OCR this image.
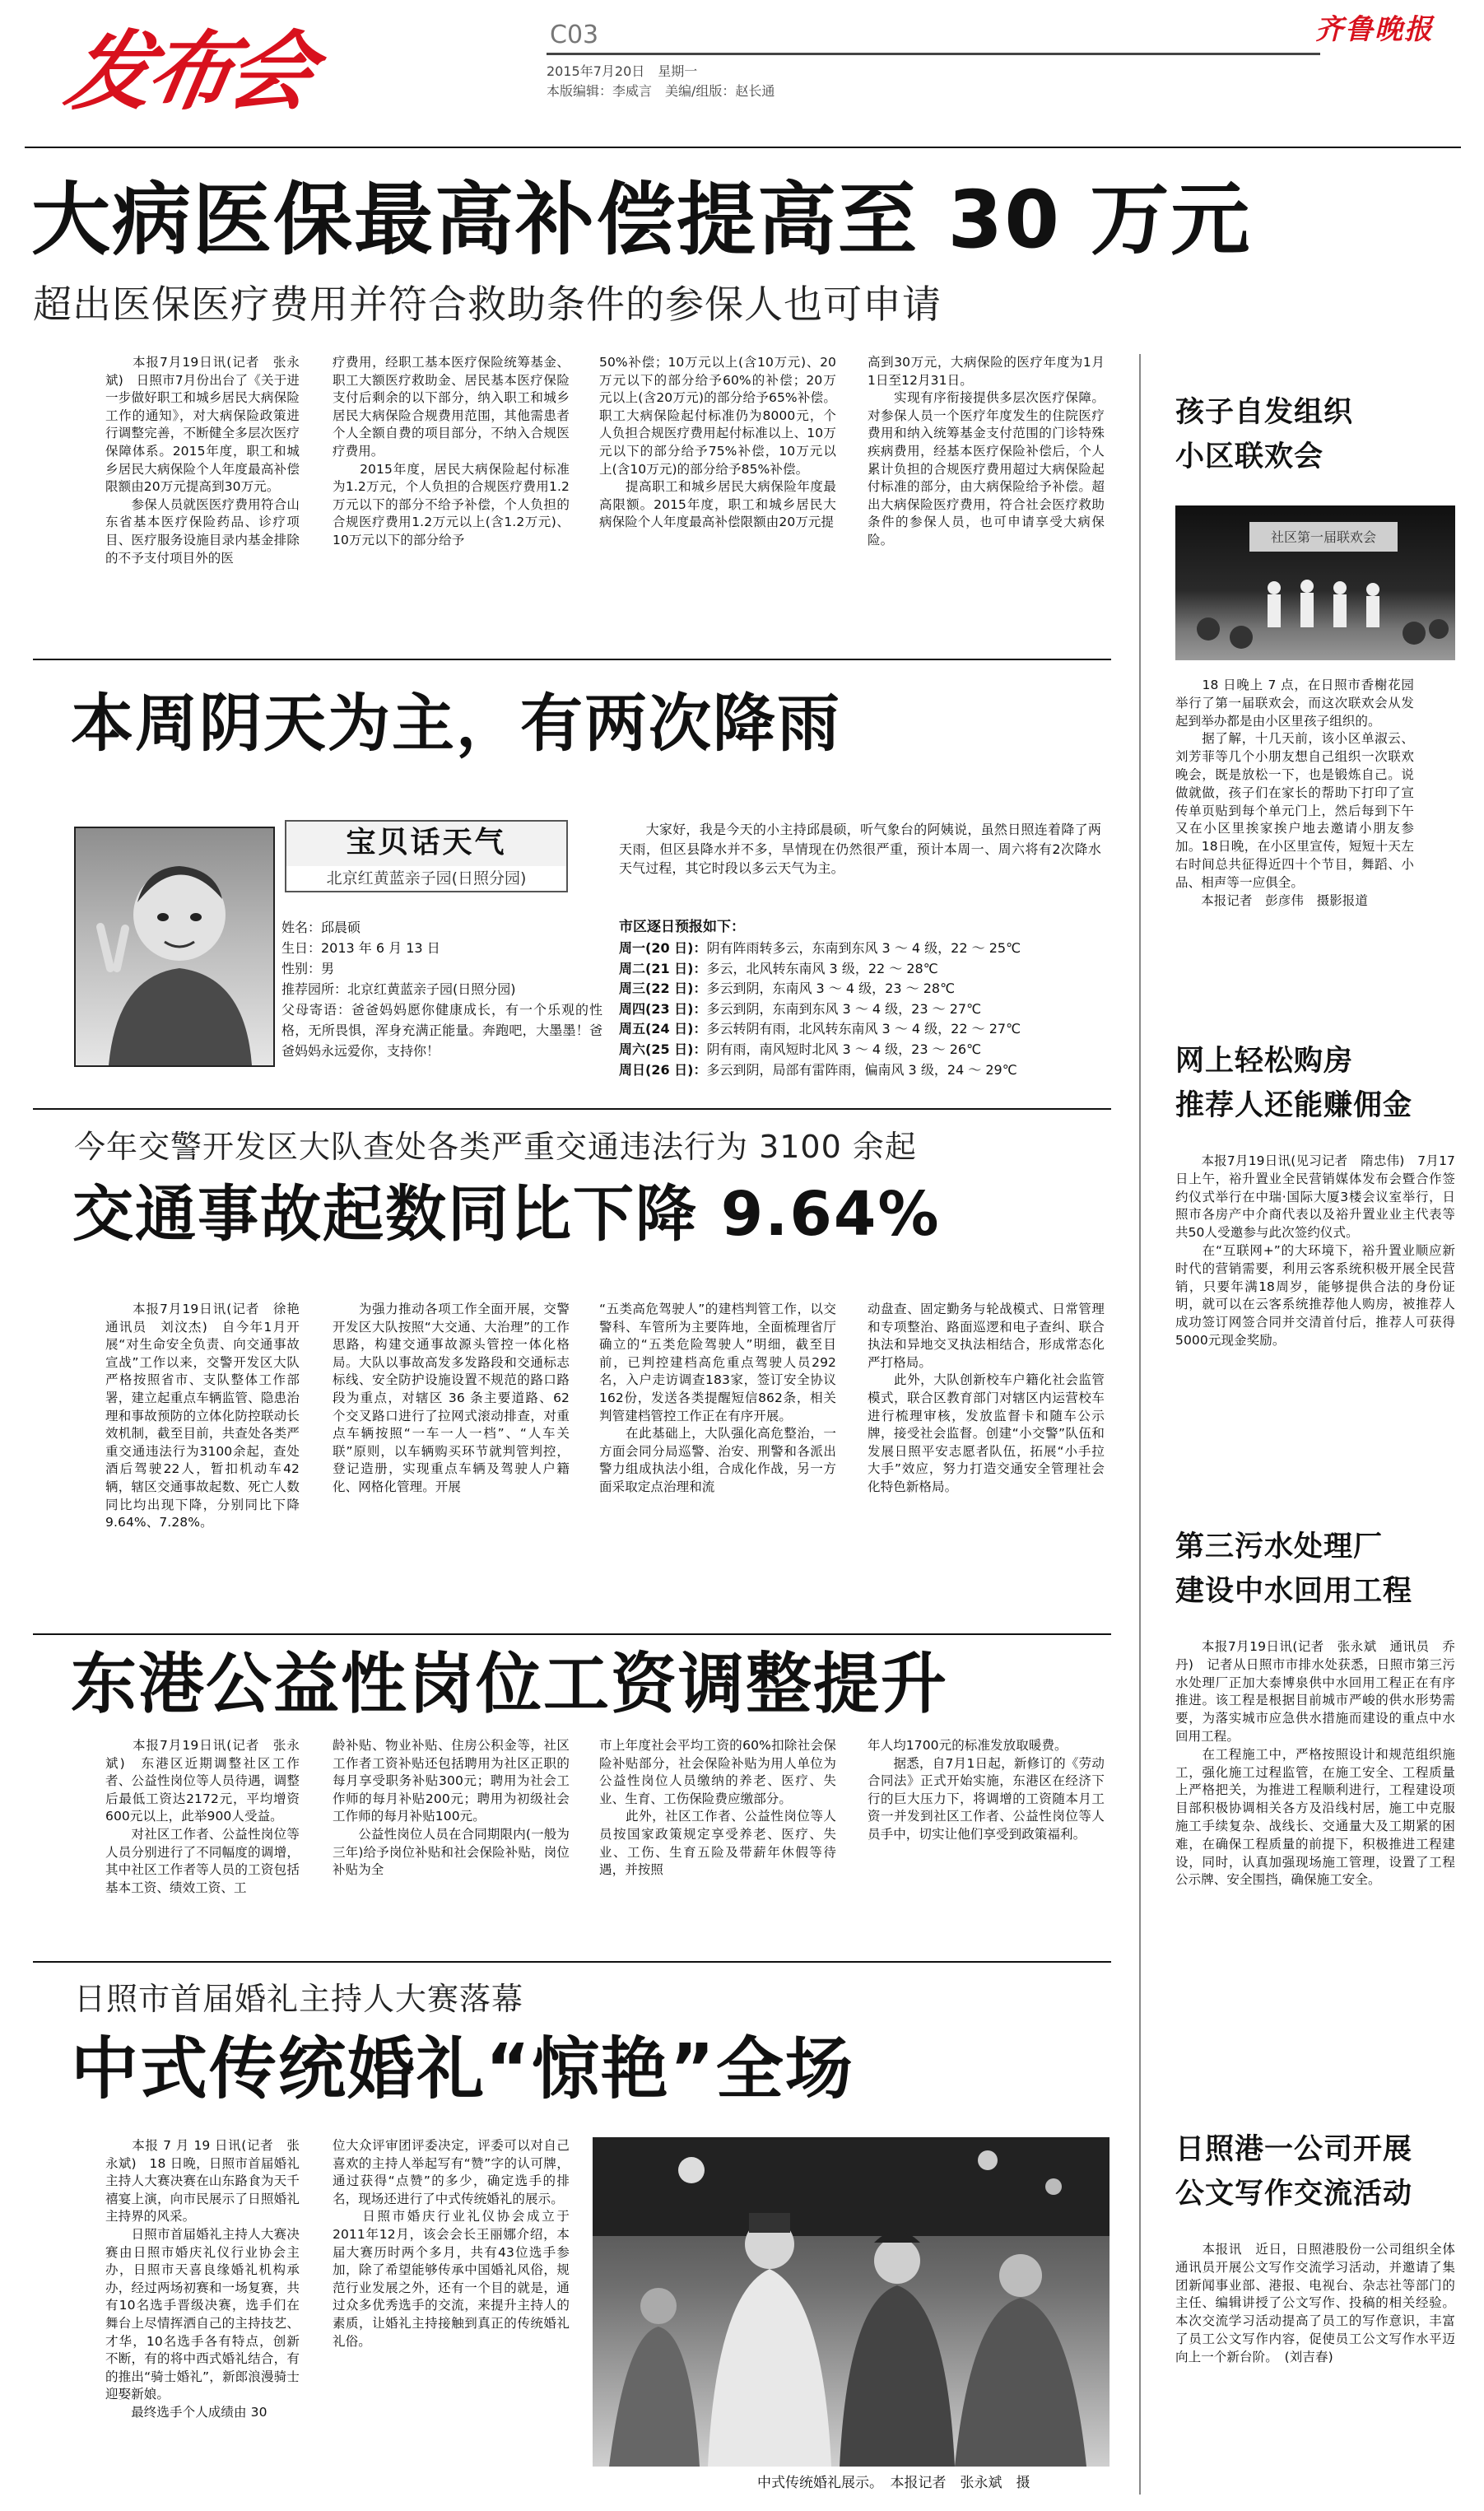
发布会	C03
2015年7月20日　星期一
本版编辑：李威言　美编/组版：赵长通
齐鲁晚报
大病医保最高补偿提高至 30 万元
超出医保医疗费用并符合救助条件的参保人也可申请
　　本报7月19日讯(记者　张永斌)　日照市7月份出台了《关于进一步做好职工和城乡居民大病保险工作的通知》，对大病保险政策进行调整完善，不断健全多层次医疗保障体系。2015年度，职工和城乡居民大病保险个人年度最高补偿限额由20万元提高到30万元。
　　参保人员就医医疗费用符合山东省基本医疗保险药品、诊疗项目、医疗服务设施目录内基金排除的不予支付项目外的医
疗费用，经职工基本医疗保险统筹基金、职工大额医疗救助金、居民基本医疗保险支付后剩余的以下部分，纳入职工和城乡居民大病保险合规费用范围，其他需患者个人全额自费的项目部分，不纳入合规医疗费用。
　　2015年度，居民大病保险起付标准为1.2万元，个人负担的合规医疗费用1.2万元以下的部分不给予补偿，个人负担的合规医疗费用1.2万元以上(含1.2万元)、10万元以下的部分给予
50%补偿；10万元以上(含10万元)、20万元以下的部分给予60%的补偿；20万元以上(含20万元)的部分给予65%补偿。职工大病保险起付标准仍为8000元，个人负担合规医疗费用起付标准以上、10万元以下的部分给予75%补偿，10万元以上(含10万元)的部分给予85%补偿。
　　提高职工和城乡居民大病保险年度最高限额。2015年度，职工和城乡居民大病保险个人年度最高补偿限额由20万元提
高到30万元，大病保险的医疗年度为1月1日至12月31日。
　　实现有序衔接提供多层次医疗保障。对参保人员一个医疗年度发生的住院医疗费用和纳入统筹基金支付范围的门诊特殊疾病费用，经基本医疗保险补偿后，个人累计负担的合规医疗费用超过大病保险起付标准的部分，由大病保险给予补偿。超出大病保险医疗费用，符合社会医疗救助条件的参保人员，也可申请享受大病保险。
本周阴天为主，有两次降雨
宝贝话天气
北京红黄蓝亲子园(日照分园)
姓名：邱晨硕
生日：2013 年 6 月 13 日
性别：男
推荐园所：北京红黄蓝亲子园(日照分园)
父母寄语：爸爸妈妈愿你健康成长，有一个乐观的性格，无所畏惧，浑身充满正能量。奔跑吧，大墨墨！爸爸妈妈永远爱你，支持你！
　　大家好，我是今天的小主持邱晨硕，听气象台的阿姨说，虽然日照连着降了两天雨，但区县降水并不多，旱情现在仍然很严重，预计本周一、周六将有2次降水天气过程，其它时段以多云天气为主。
市区逐日预报如下：
周一(20 日)：阴有阵雨转多云，东南到东风 3 ～ 4 级，22 ～ 25℃
周二(21 日)：多云，北风转东南风 3 级，22 ～ 28℃
周三(22 日)：多云到阴，东南风 3 ～ 4 级，23 ～ 28℃
周四(23 日)：多云到阴，东南到东风 3 ～ 4 级，23 ～ 27℃
周五(24 日)：多云转阴有雨，北风转东南风 3 ～ 4 级，22 ～ 27℃
周六(25 日)：阴有雨，南风短时北风 3 ～ 4 级，23 ～ 26℃
周日(26 日)：多云到阴，局部有雷阵雨，偏南风 3 级，24 ～ 29℃
今年交警开发区大队查处各类严重交通违法行为 3100 余起
交通事故起数同比下降 9.64%
　　本报7月19日讯(记者　徐艳　通讯员　刘汶杰)　自今年1月开展“对生命安全负责、向交通事故宣战”工作以来，交警开发区大队严格按照省市、支队整体工作部署，建立起重点车辆监管、隐患治理和事故预防的立体化防控联动长效机制，截至目前，共查处各类严重交通违法行为3100余起，查处酒后驾驶22人，暂扣机动车42辆，辖区交通事故起数、死亡人数同比均出现下降，分别同比下降9.64%、7.28%。
　　为强力推动各项工作全面开展，交警开发区大队按照“大交通、大治理”的工作思路，构建交通事故源头管控一体化格局。大队以事故高发多发路段和交通标志标线、安全防护设施设置不规范的路口路段为重点，对辖区 36 条主要道路、62 个交叉路口进行了拉网式滚动排查，对重点车辆按照“一车一人一档”、“人车关联”原则，以车辆购买环节就判管判控，登记造册，实现重点车辆及驾驶人户籍化、网格化管理。开展
“五类高危驾驶人”的建档判管工作，以交警科、车管所为主要阵地，全面梳理省厅确立的“五类危险驾驶人”明细，截至目前，已判控建档高危重点驾驶人员292名，入户走访调查183家，签订安全协议162份，发送各类提醒短信862条，相关判管建档管控工作正在有序开展。
　　在此基础上，大队强化高危整治，一方面会同分局巡警、治安、刑警和各派出警力组成执法小组，合成化作战，另一方面采取定点治理和流
动盘查、固定勤务与轮战模式、日常管理和专项整治、路面巡逻和电子查纠、联合执法和异地交叉执法相结合，形成常态化严打格局。
　　此外，大队创新校车户籍化社会监管模式，联合区教育部门对辖区内运营校车进行梳理审核，发放监督卡和随车公示牌，接受社会监督。创建“小交警”队伍和发展日照平安志愿者队伍，拓展“小手拉大手”效应，努力打造交通安全管理社会化特色新格局。
东港公益性岗位工资调整提升
　　本报7月19日讯(记者　张永斌)　东港区近期调整社区工作者、公益性岗位等人员待遇，调整后最低工资达2172元，平均增资600元以上，此举900人受益。
　　对社区工作者、公益性岗位等人员分别进行了不同幅度的调增，其中社区工作者等人员的工资包括基本工资、绩效工资、工
龄补贴、物业补贴、住房公积金等，社区工作者工资补贴还包括聘用为社区正职的每月享受职务补贴300元；聘用为社会工作师的每月补贴200元；聘用为初级社会工作师的每月补贴100元。
　　公益性岗位人员在合同期限内(一般为三年)给予岗位补贴和社会保险补贴，岗位补贴为全
市上年度社会平均工资的60%扣除社会保险补贴部分，社会保险补贴为用人单位为公益性岗位人员缴纳的养老、医疗、失业、生育、工伤保险费应缴部分。
　　此外，社区工作者、公益性岗位等人员按国家政策规定享受养老、医疗、失业、工伤、生育五险及带薪年休假等待遇，并按照
年人均1700元的标准发放取暖费。
　　据悉，自7月1日起，新修订的《劳动合同法》正式开始实施，东港区在经济下行的巨大压力下，将调增的工资随本月工资一并发到社区工作者、公益性岗位等人员手中，切实让他们享受到政策福利。
日照市首届婚礼主持人大赛落幕
中式传统婚礼“惊艳”全场
　　本报 7 月 19 日讯(记者　张永斌)　18 日晚，日照市首届婚礼主持人大赛决赛在山东路食为天千禧宴上演，向市民展示了日照婚礼主持界的风采。
　　日照市首届婚礼主持人大赛决赛由日照市婚庆礼仪行业协会主办，日照市天喜良缘婚礼机构承办，经过两场初赛和一场复赛，共有10名选手晋级决赛，选手们在舞台上尽情挥洒自己的主持技艺、才华，10名选手各有特点，创新不断，有的将中西式婚礼结合，有的推出“骑士婚礼”，新郎浪漫骑士迎娶新娘。
　　最终选手个人成绩由 30
位大众评审团评委决定，评委可以对自己喜欢的主持人举起写有“赞”字的认可牌，通过获得“点赞”的多少，确定选手的排名，现场还进行了中式传统婚礼的展示。
　　日照市婚庆行业礼仪协会成立于2011年12月，该会会长王丽娜介绍，本届大赛历时两个多月，共有43位选手参加，除了希望能够传承中国婚礼风俗，规范行业发展之外，还有一个目的就是，通过众多优秀选手的交流，来提升主持人的素质，让婚礼主持接触到真正的传统婚礼礼俗。
中式传统婚礼展示。　本报记者　张永斌　摄
孩子自发组织
小区联欢会
社区第一届联欢会
　　18 日晚上 7 点，在日照市香榭花园举行了第一届联欢会，而这次联欢会从发起到举办都是由小区里孩子组织的。
　　据了解，十几天前，该小区单淑云、刘芳菲等几个小朋友想自己组织一次联欢晚会，既是放松一下，也是锻炼自己。说做就做，孩子们在家长的帮助下打印了宣传单页贴到每个单元门上，然后每到下午又在小区里挨家挨户地去邀请小朋友参加。18日晚，在小区里宣传，短短十天左右时间总共征得近四十个节目，舞蹈、小品、相声等一应俱全。
　　本报记者　彭彦伟　摄影报道
网上轻松购房
推荐人还能赚佣金
　　本报7月19日讯(见习记者　隋忠伟)　7月17日上午，裕升置业全民营销媒体发布会暨合作签约仪式举行在中瑞·国际大厦3楼会议室举行，日照市各房产中介商代表以及裕升置业业主代表等共50人受邀参与此次签约仪式。
　　在“互联网+”的大环境下，裕升置业顺应新时代的营销需要，利用云客系统积极开展全民营销，只要年满18周岁，能够提供合法的身份证明，就可以在云客系统推荐他人购房，被推荐人成功签订网签合同并交清首付后，推荐人可获得5000元现金奖励。
第三污水处理厂
建设中水回用工程
　　本报7月19日讯(记者　张永斌　通讯员　乔丹)　记者从日照市市排水处获悉，日照市第三污水处理厂正加大泰博泉供中水回用工程正在有序推进。该工程是根据目前城市严峻的供水形势需要，为落实城市应急供水措施而建设的重点中水回用工程。
　　在工程施工中，严格按照设计和规范组织施工，强化施工过程监管，在施工安全、工程质量上严格把关，为推进工程顺利进行，工程建设项目部积极协调相关各方及沿线村居，施工中克服施工手续复杂、战线长、交通量大及工期紧的困难，在确保工程质量的前提下，积极推进工程建设，同时，认真加强现场施工管理，设置了工程公示牌、安全围挡，确保施工安全。
日照港一公司开展
公文写作交流活动
　　本报讯　近日，日照港股份一公司组织全体通讯员开展公文写作交流学习活动，并邀请了集团新闻事业部、港报、电视台、杂志社等部门的主任、编辑讲授了公文写作、投稿的相关经验。本次交流学习活动提高了员工的写作意识，丰富了员工公文写作内容，促使员工公文写作水平迈向上一个新台阶。　(刘吉春)
